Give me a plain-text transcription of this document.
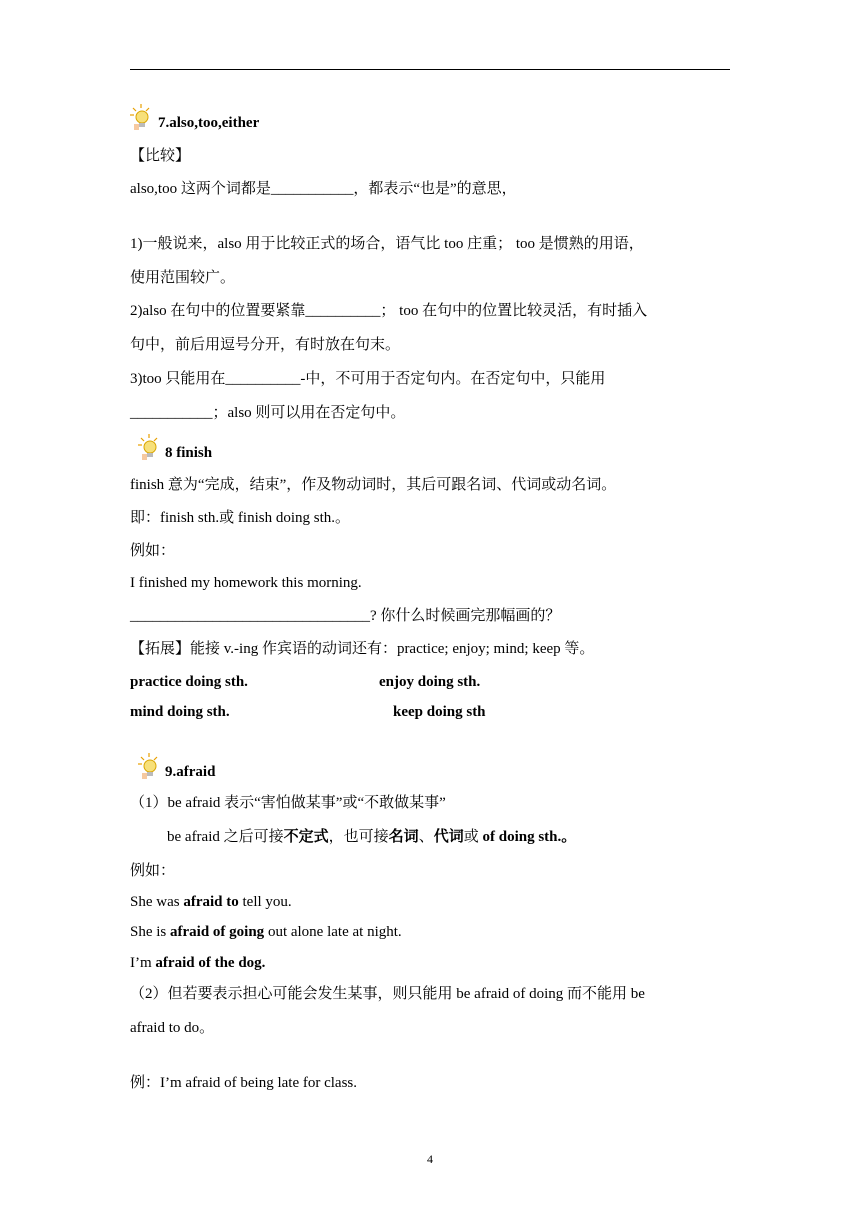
7.also,too,either
【比较】
also,too 这两个词都是___________，都表示“也是”的意思，
1)一般说来，also 用于比较正式的场合，语气比 too 庄重； too 是惯熟的用语，
使用范围较广。
2)also 在句中的位置要紧靠__________； too 在句中的位置比较灵活，有时插入
句中，前后用逗号分开，有时放在句末。
3)too 只能用在__________-中，不可用于否定句内。在否定句中，只能用
___________；also 则可以用在否定句中。
8 finish
finish 意为“完成，结束”，作及物动词时，其后可跟名词、代词或动名词。
即：finish sth.或 finish doing sth.。
例如：
I finished my homework this morning.
________________________________? 你什么时候画完那幅画的？
【拓展】能接 v.-ing 作宾语的动词还有：practice; enjoy; mind; keep 等。
practice doing sth.	enjoy doing sth.
mind doing sth.	keep doing sth
9.afraid
（1）be afraid 表示“害怕做某事”或“不敢做某事”
be afraid 之后可接不定式，也可接名词、代词或 of doing sth.。
例如：
She was afraid to tell you.
She is afraid of going out alone late at night.
I’m afraid of the dog.
（2）但若要表示担心可能会发生某事，则只能用 be afraid of doing 而不能用 be
afraid to do。
例：I’m afraid of being late for class.
4
